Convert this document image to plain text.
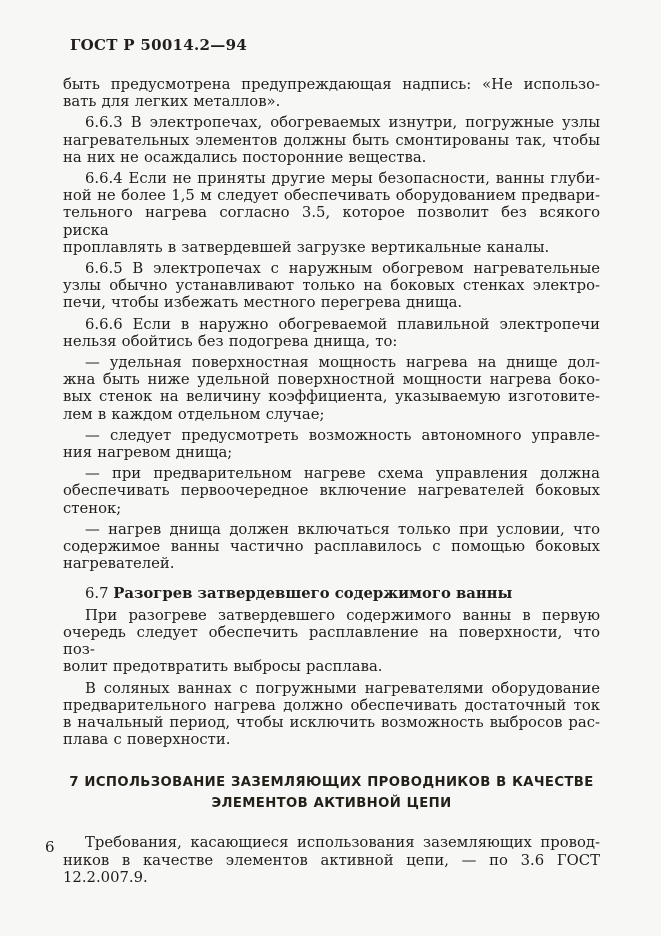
ГОСТ Р 50014.2—94
быть предусмотрена предупреждающая надпись: «Не использо-
вать для легких металлов».
6.6.3 В электропечах, обогреваемых изнутри, погружные узлы
нагревательных элементов должны быть смонтированы так, чтобы
на них не осаждались посторонние вещества.
6.6.4 Если не приняты другие меры безопасности, ванны глуби-
ной не более 1,5 м следует обеспечивать оборудованием предвари-
тельного нагрева согласно 3.5, которое позволит без всякого риска
проплавлять в затвердевшей загрузке вертикальные каналы.
6.6.5 В электропечах с наружным обогревом нагревательные
узлы обычно устанавливают только на боковых стенках электро-
печи, чтобы избежать местного перегрева днища.
6.6.6 Если в наружно обогреваемой плавильной электропечи
нельзя обойтись без подогрева днища, то:
— удельная поверхностная мощность нагрева на днище дол-
жна быть ниже удельной поверхностной мощности нагрева боко-
вых стенок на величину коэффициента, указываемую изготовите-
лем в каждом отдельном случае;
— следует предусмотреть возможность автономного управле-
ния нагревом днища;
— при предварительном нагреве схема управления должна
обеспечивать первоочередное включение нагревателей боковых
стенок;
— нагрев днища должен включаться только при условии, что
содержимое ванны частично расплавилось с помощью боковых
нагревателей.
6.7 Разогрев затвердевшего содержимого ванны
При разогреве затвердевшего содержимого ванны в первую
очередь следует обеспечить расплавление на поверхности, что поз-
волит предотвратить выбросы расплава.
В соляных ваннах с погружными нагревателями оборудование
предварительного нагрева должно обеспечивать достаточный ток
в начальный период, чтобы исключить возможность выбросов рас-
плава с поверхности.
7 ИСПОЛЬЗОВАНИЕ ЗАЗЕМЛЯЮЩИХ ПРОВОДНИКОВ В КАЧЕСТВЕ
ЭЛЕМЕНТОВ АКТИВНОЙ ЦЕПИ
Требования, касающиеся использования заземляющих провод-
ников в качестве элементов активной цепи, — по 3.6 ГОСТ
12.2.007.9.
6
